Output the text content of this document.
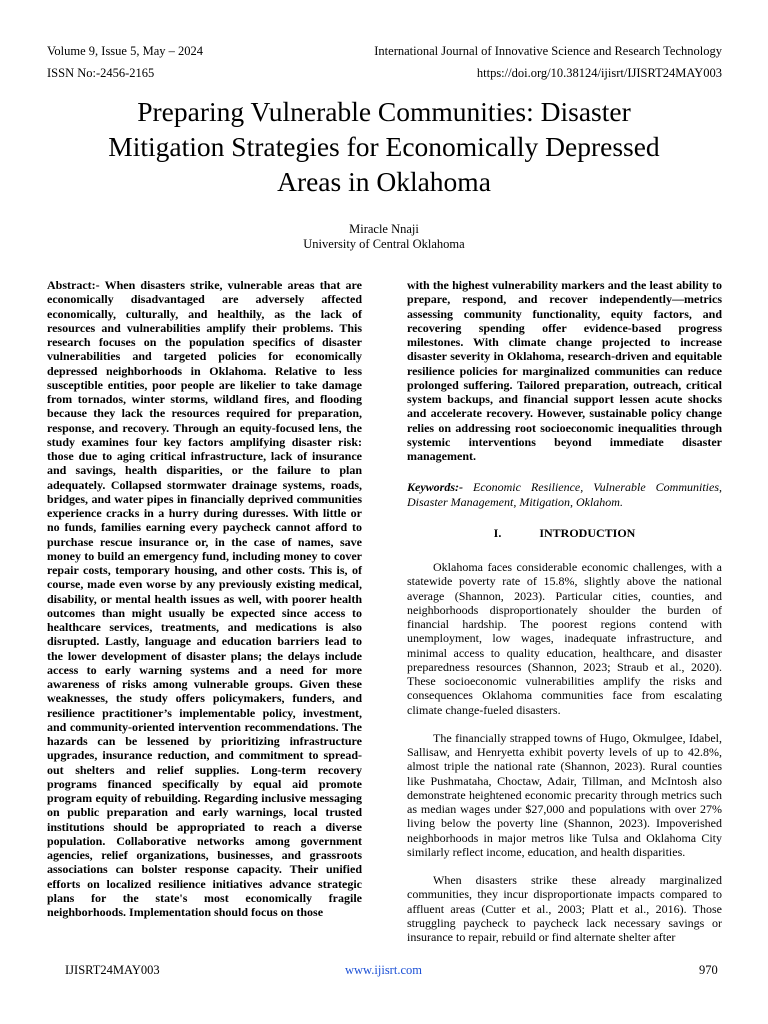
Volume 9, Issue 5, May – 2024	International Journal of Innovative Science and Research Technology
ISSN No:-2456-2165	https://doi.org/10.38124/ijisrt/IJISRT24MAY003
Preparing Vulnerable Communities: Disaster
Mitigation Strategies for Economically Depressed
Areas in Oklahoma
Miracle Nnaji
University of Central Oklahoma

Abstract:- When disasters strike, vulnerable areas that are economically disadvantaged are adversely affected economically, culturally, and healthily, as the lack of resources and vulnerabilities amplify their problems. This research focuses on the population specifics of disaster vulnerabilities and targeted policies for economically depressed neighborhoods in Oklahoma. Relative to less susceptible entities, poor people are likelier to take damage from tornados, winter storms, wildland fires, and flooding because they lack the resources required for preparation, response, and recovery. Through an equity-focused lens, the study examines four key factors amplifying disaster risk: those due to aging critical infrastructure, lack of insurance and savings, health disparities, or the failure to plan adequately. Collapsed stormwater drainage systems, roads, bridges, and water pipes in financially deprived communities experience cracks in a hurry during duresses. With little or no funds, families earning every paycheck cannot afford to purchase rescue insurance or, in the case of names, save money to build an emergency fund, including money to cover repair costs, temporary housing, and other costs. This is, of course, made even worse by any previously existing medical, disability, or mental health issues as well, with poorer health outcomes than might usually be expected since access to healthcare services, treatments, and medications is also disrupted. Lastly, language and education barriers lead to the lower development of disaster plans; the delays include access to early warning systems and a need for more awareness of risks among vulnerable groups. Given these weaknesses, the study offers policymakers, funders, and resilience practitioner’s implementable policy, investment, and community-oriented intervention recommendations. The hazards can be lessened by prioritizing infrastructure upgrades, insurance reduction, and commitment to spread-out shelters and relief supplies. Long-term recovery programs financed specifically by equal aid promote program equity of rebuilding. Regarding inclusive messaging on public preparation and early warnings, local trusted institutions should be appropriated to reach a diverse population. Collaborative networks among government agencies, relief organizations, businesses, and grassroots associations can bolster response capacity. Their unified efforts on localized resilience initiatives advance strategic plans for the state's most economically fragile neighborhoods. Implementation should focus on those

with the highest vulnerability markers and the least ability to prepare, respond, and recover independently—metrics assessing community functionality, equity factors, and recovering spending offer evidence-based progress milestones. With climate change projected to increase disaster severity in Oklahoma, research-driven and equitable resilience policies for marginalized communities can reduce prolonged suffering. Tailored preparation, outreach, critical system backups, and financial support lessen acute shocks and accelerate recovery. However, sustainable policy change relies on addressing root socioeconomic inequalities through systemic interventions beyond immediate disaster management.

Keywords:- Economic Resilience, Vulnerable Communities, Disaster Management, Mitigation, Oklahom.

I.	INTRODUCTION

Oklahoma faces considerable economic challenges, with a statewide poverty rate of 15.8%, slightly above the national average (Shannon, 2023). Particular cities, counties, and neighborhoods disproportionately shoulder the burden of financial hardship. The poorest regions contend with unemployment, low wages, inadequate infrastructure, and minimal access to quality education, healthcare, and disaster preparedness resources (Shannon, 2023; Straub et al., 2020). These socioeconomic vulnerabilities amplify the risks and consequences Oklahoma communities face from escalating climate change-fueled disasters.

The financially strapped towns of Hugo, Okmulgee, Idabel, Sallisaw, and Henryetta exhibit poverty levels of up to 42.8%, almost triple the national rate (Shannon, 2023). Rural counties like Pushmataha, Choctaw, Adair, Tillman, and McIntosh also demonstrate heightened economic precarity through metrics such as median wages under $27,000 and populations with over 27% living below the poverty line (Shannon, 2023). Impoverished neighborhoods in major metros like Tulsa and Oklahoma City similarly reflect income, education, and health disparities.

When disasters strike these already marginalized communities, they incur disproportionate impacts compared to affluent areas (Cutter et al., 2003; Platt et al., 2016). Those struggling paycheck to paycheck lack necessary savings or insurance to repair, rebuild or find alternate shelter after

IJISRT24MAY003	www.ijisrt.com	970
